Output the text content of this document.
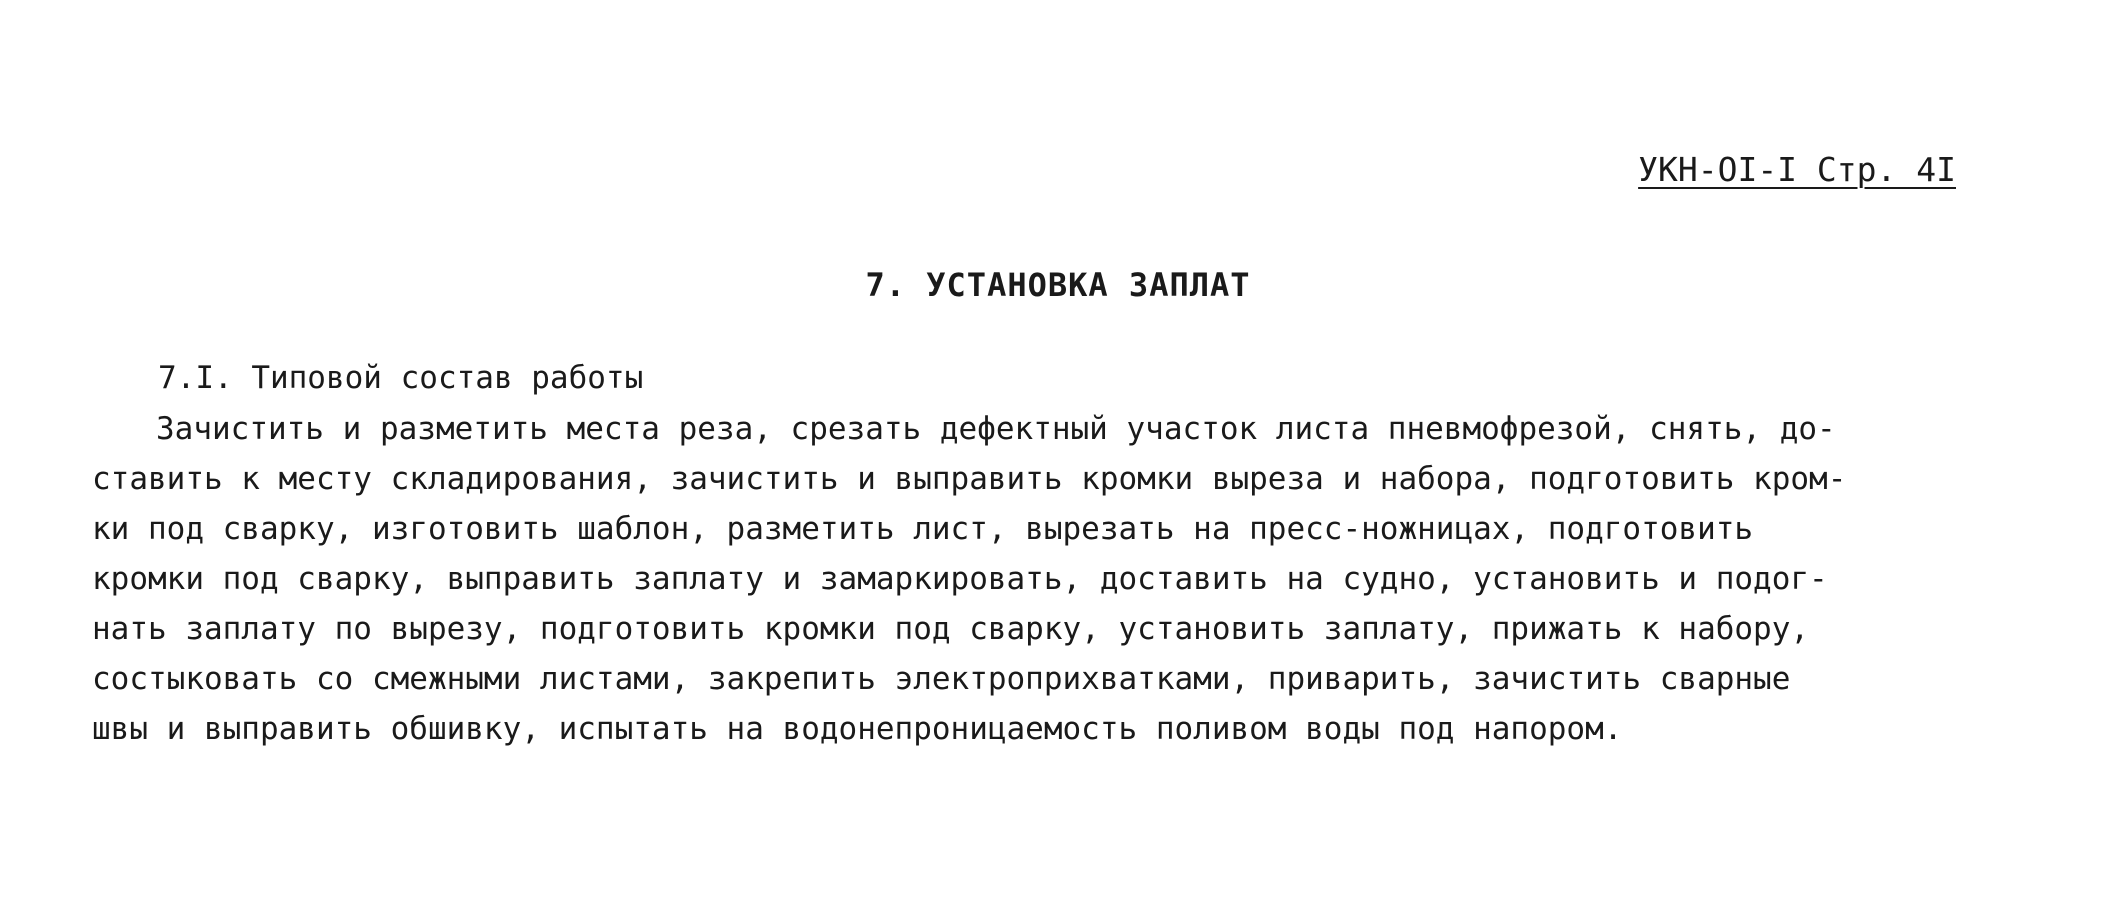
УКН-ОI-I Стр. 4I
7. УСТАНОВКА ЗАПЛАТ
7.I. Типовой состав работы
Зачистить и разметить места реза, срезать дефектный участок листа пневмофрезой, снять, до-
ставить к месту складирования, зачистить и выправить кромки выреза и набора, подготовить кром-
ки под сварку, изготовить шаблон, разметить лист, вырезать на пресс-ножницах, подготовить
кромки под сварку, выправить заплату и замаркировать, доставить на судно, установить и подог-
нать заплату по вырезу, подготовить кромки под сварку, установить заплату, прижать к набору,
состыковать со смежными листами, закрепить электроприхватками, приварить, зачистить сварные
швы и выправить обшивку, испытать на водонепроницаемость поливом воды под напором.
